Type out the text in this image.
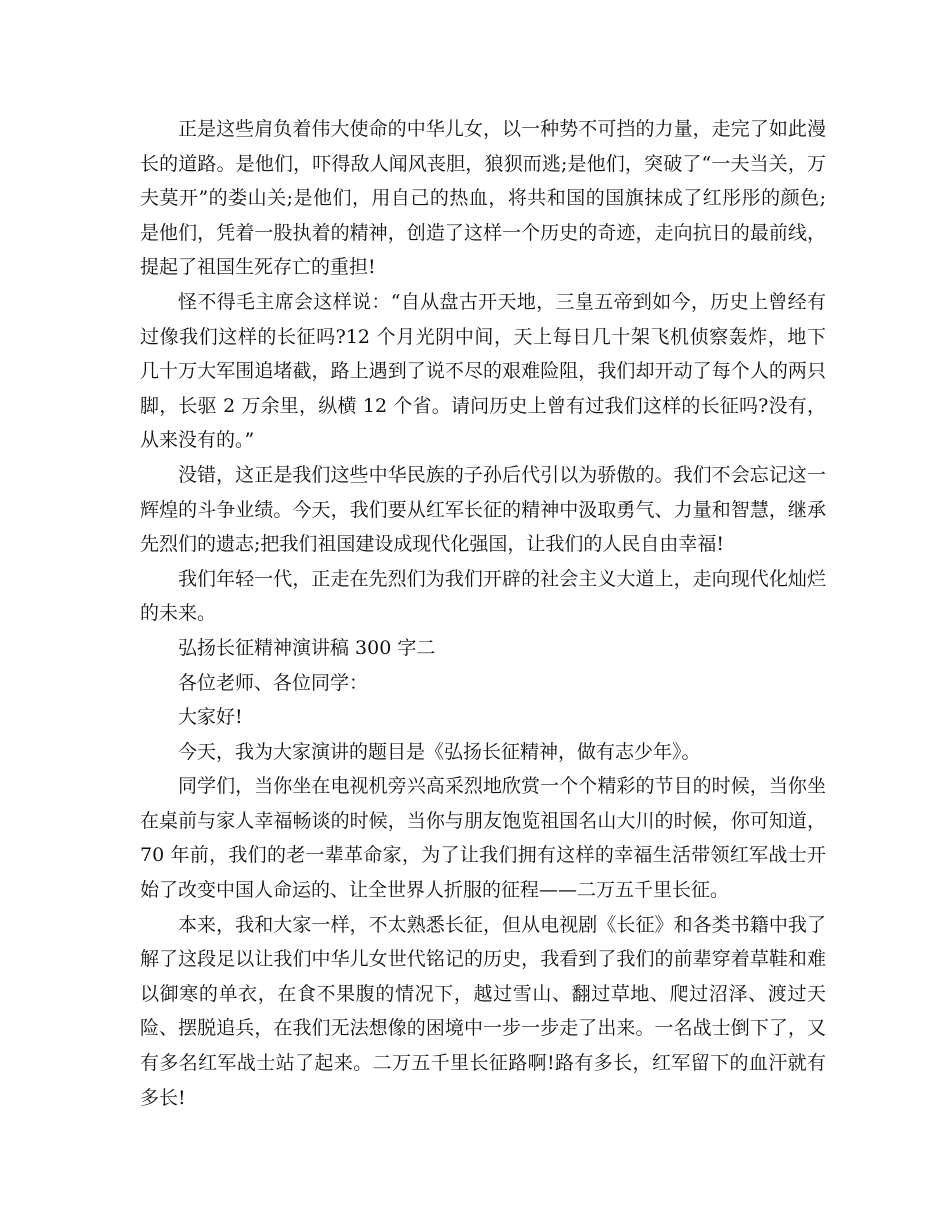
正是这些肩负着伟大使命的中华儿女，以一种势不可挡的力量，走完了如此漫长的道路。是他们，吓得敌人闻风丧胆，狼狈而逃;是他们，突破了“一夫当关，万夫莫开”的娄山关;是他们，用自己的热血，将共和国的国旗抹成了红彤彤的颜色;是他们，凭着一股执着的精神，创造了这样一个历史的奇迹，走向抗日的最前线，提起了祖国生死存亡的重担!

怪不得毛主席会这样说：“自从盘古开天地，三皇五帝到如今，历史上曾经有过像我们这样的长征吗?12 个月光阴中间，天上每日几十架飞机侦察轰炸，地下几十万大军围追堵截，路上遇到了说不尽的艰难险阻，我们却开动了每个人的两只脚，长驱 2 万余里，纵横 12 个省。请问历史上曾有过我们这样的长征吗?没有，从来没有的。”

没错，这正是我们这些中华民族的子孙后代引以为骄傲的。我们不会忘记这一辉煌的斗争业绩。今天，我们要从红军长征的精神中汲取勇气、力量和智慧，继承先烈们的遗志;把我们祖国建设成现代化强国，让我们的人民自由幸福!

我们年轻一代，正走在先烈们为我们开辟的社会主义大道上，走向现代化灿烂的未来。

弘扬长征精神演讲稿 300 字二

各位老师、各位同学：

大家好!

今天，我为大家演讲的题目是《弘扬长征精神，做有志少年》。

同学们，当你坐在电视机旁兴高采烈地欣赏一个个精彩的节目的时候，当你坐在桌前与家人幸福畅谈的时候，当你与朋友饱览祖国名山大川的时候，你可知道，70 年前，我们的老一辈革命家，为了让我们拥有这样的幸福生活带领红军战士开始了改变中国人命运的、让全世界人折服的征程——二万五千里长征。

本来，我和大家一样，不太熟悉长征，但从电视剧《长征》和各类书籍中我了解了这段足以让我们中华儿女世代铭记的历史，我看到了我们的前辈穿着草鞋和难以御寒的单衣，在食不果腹的情况下，越过雪山、翻过草地、爬过沼泽、渡过天险、摆脱追兵，在我们无法想像的困境中一步一步走了出来。一名战士倒下了，又有多名红军战士站了起来。二万五千里长征路啊!路有多长，红军留下的血汗就有多长!
